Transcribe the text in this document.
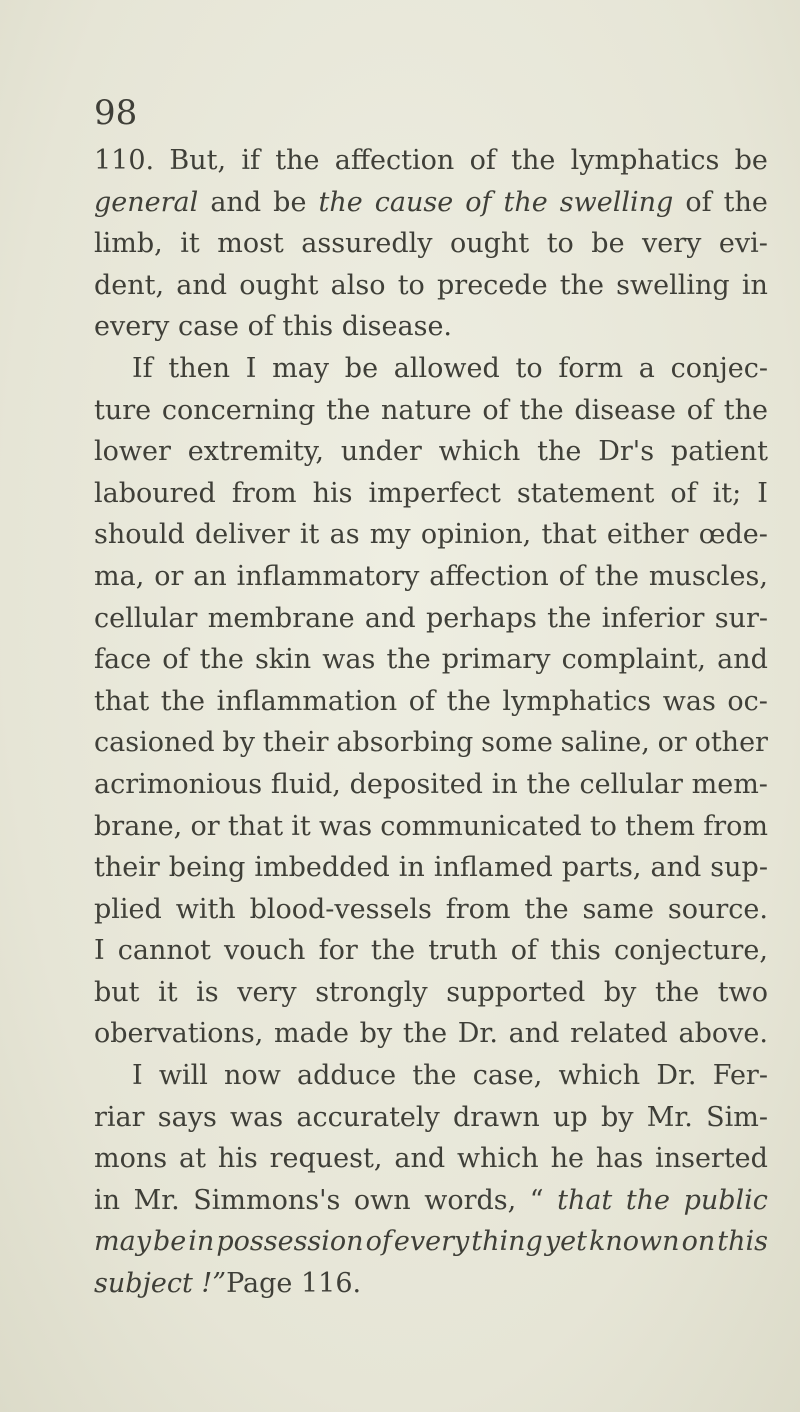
98
110. But, if the affection of the lymphatics be
general and be the cause of the swelling of the
limb, it most assuredly ought to be very evi-
dent, and ought also to precede the swelling in
every case of this disease.
If then I may be allowed to form a conjec-
ture concerning the nature of the disease of the
lower extremity, under which the Dr's patient
laboured from his imperfect statement of it; I
should deliver it as my opinion, that either œde-
ma, or an inflammatory affection of the muscles,
cellular membrane and perhaps the inferior sur-
face of the skin was the primary complaint, and
that the inflammation of the lymphatics was oc-
casioned by their absorbing some saline, or other
acrimonious fluid, deposited in the cellular mem-
brane, or that it was communicated to them from
their being imbedded in inflamed parts, and sup-
plied with blood-vessels from the same source.
I cannot vouch for the truth of this conjecture,
but it is very strongly supported by the two
obervations, made by the Dr. and related above.
I will now adduce the case, which Dr. Fer-
riar says was accurately drawn up by Mr. Sim-
mons at his request, and which he has inserted
in Mr. Simmons's own words, “ that the public
may be in possession of every thing yet known on this
subject !” Page 116.
